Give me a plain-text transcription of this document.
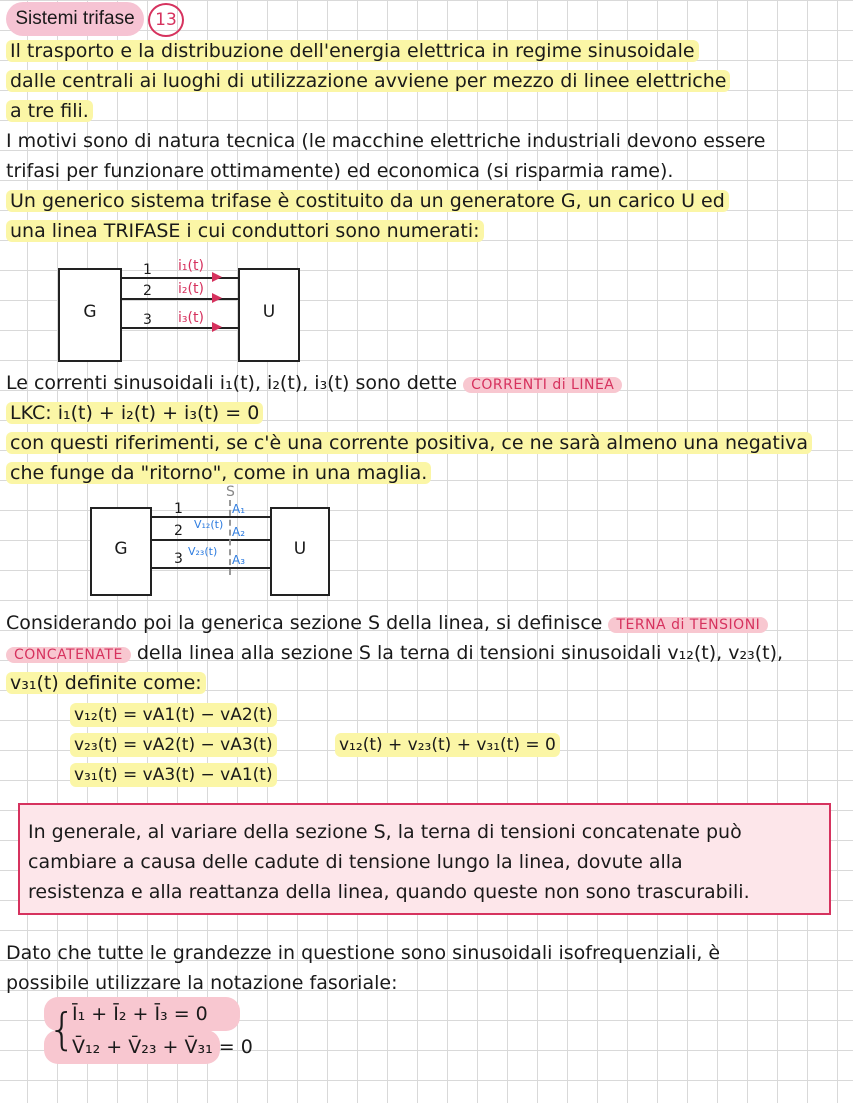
Sistemi trifase	13
Il trasporto e la distribuzione dell'energia elettrica in regime sinusoidale
dalle centrali ai luoghi di utilizzazione avviene per mezzo di linee elettriche
a tre fili.
I motivi sono di natura tecnica (le macchine elettriche industriali devono essere
trifasi per funzionare ottimamente) ed economica (si risparmia rame).
Un generico sistema trifase è costituito da un generatore G, un carico U ed
una linea TRIFASE i cui conduttori sono numerati:
G	U
1
2
3
i₁(t)
i₂(t)
i₃(t)
Le correnti sinusoidali i₁(t), i₂(t), i₃(t) sono dette CORRENTI di LINEA
LKC: i₁(t) + i₂(t) + i₃(t) = 0
con questi riferimenti, se c'è una corrente positiva, ce ne sarà almeno una negativa
che funge da "ritorno", come in una maglia.
G	U
1
2
3
S
V₁₂(t)
V₂₃(t)
A₁
A₂
A₃
Considerando poi la generica sezione S della linea, si definisce TERNA di TENSIONI
CONCATENATE della linea alla sezione S la terna di tensioni sinusoidali v₁₂(t), v₂₃(t),
v₃₁(t) definite come:
v₁₂(t) = vA1(t) − vA2(t)
v₂₃(t) = vA2(t) − vA3(t)
v₃₁(t) = vA3(t) − vA1(t)
v₁₂(t) + v₂₃(t) + v₃₁(t) = 0
In generale, al variare della sezione S, la terna di tensioni concatenate può
cambiare a causa delle cadute di tensione lungo la linea, dovute alla
resistenza e alla reattanza della linea, quando queste non sono trascurabili.
Dato che tutte le grandezze in questione sono sinusoidali isofrequenziali, è
possibile utilizzare la notazione fasoriale:
{
Ī₁ + Ī₂ + Ī₃ = 0
V̄₁₂ + V̄₂₃ + V̄₃₁ = 0
